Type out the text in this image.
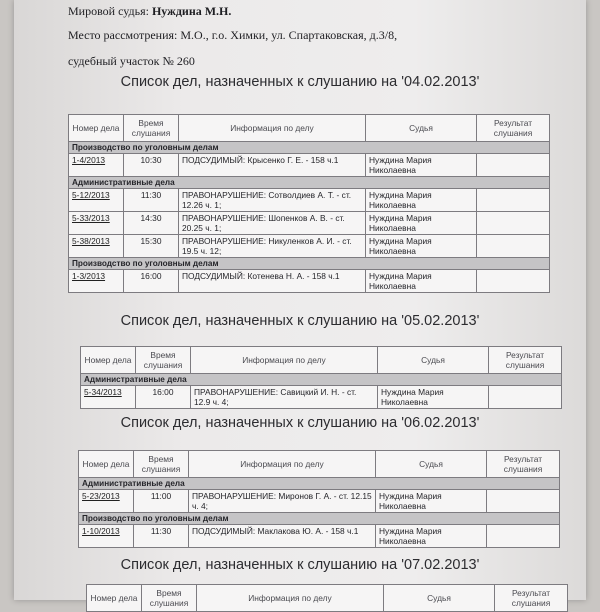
Мировой судья: Нуждина М.Н.
Место рассмотрения: М.О., г.о. Химки, ул. Спартаковская, д.3/8,
судебный участок № 260
Список дел, назначенных к слушанию на '04.02.2013'
Номер дела	Время слушания	Информация по делу	Судья	Результат слушания
Производство по уголовным делам				
1-4/2013	10:30	ПОДСУДИМЫЙ: Крысенко Г. Е. - 158 ч.1	Нуждина Мария Николаевна	
Административные дела				
5-12/2013	11:30	ПРАВОНАРУШЕНИЕ: Сотволдиев А. Т. - ст. 12.26 ч. 1;	Нуждина Мария Николаевна	
5-33/2013	14:30	ПРАВОНАРУШЕНИЕ: Шопенков А. В. - ст. 20.25 ч. 1;	Нуждина Мария Николаевна	
5-38/2013	15:30	ПРАВОНАРУШЕНИЕ: Никуленков А. И. - ст. 19.5 ч. 12;	Нуждина Мария Николаевна	
Производство по уголовным делам				
1-3/2013	16:00	ПОДСУДИМЫЙ: Котенева Н. А. - 158 ч.1	Нуждина Мария Николаевна	
Список дел, назначенных к слушанию на '05.02.2013'
Номер дела	Время слушания	Информация по делу	Судья	Результат слушания
Административные дела				
5-34/2013	16:00	ПРАВОНАРУШЕНИЕ: Савицкий И. Н. - ст. 12.9 ч. 4;	Нуждина Мария Николаевна	
Список дел, назначенных к слушанию на '06.02.2013'
Номер дела	Время слушания	Информация по делу	Судья	Результат слушания
Административные дела				
5-23/2013	11:00	ПРАВОНАРУШЕНИЕ: Миронов Г. А. - ст. 12.15 ч. 4;	Нуждина Мария Николаевна	
Производство по уголовным делам				
1-10/2013	11:30	ПОДСУДИМЫЙ: Маклакова Ю. А. - 158 ч.1	Нуждина Мария Николаевна	
Список дел, назначенных к слушанию на '07.02.2013'
Номер дела	Время слушания	Информация по делу	Судья	Результат слушания
